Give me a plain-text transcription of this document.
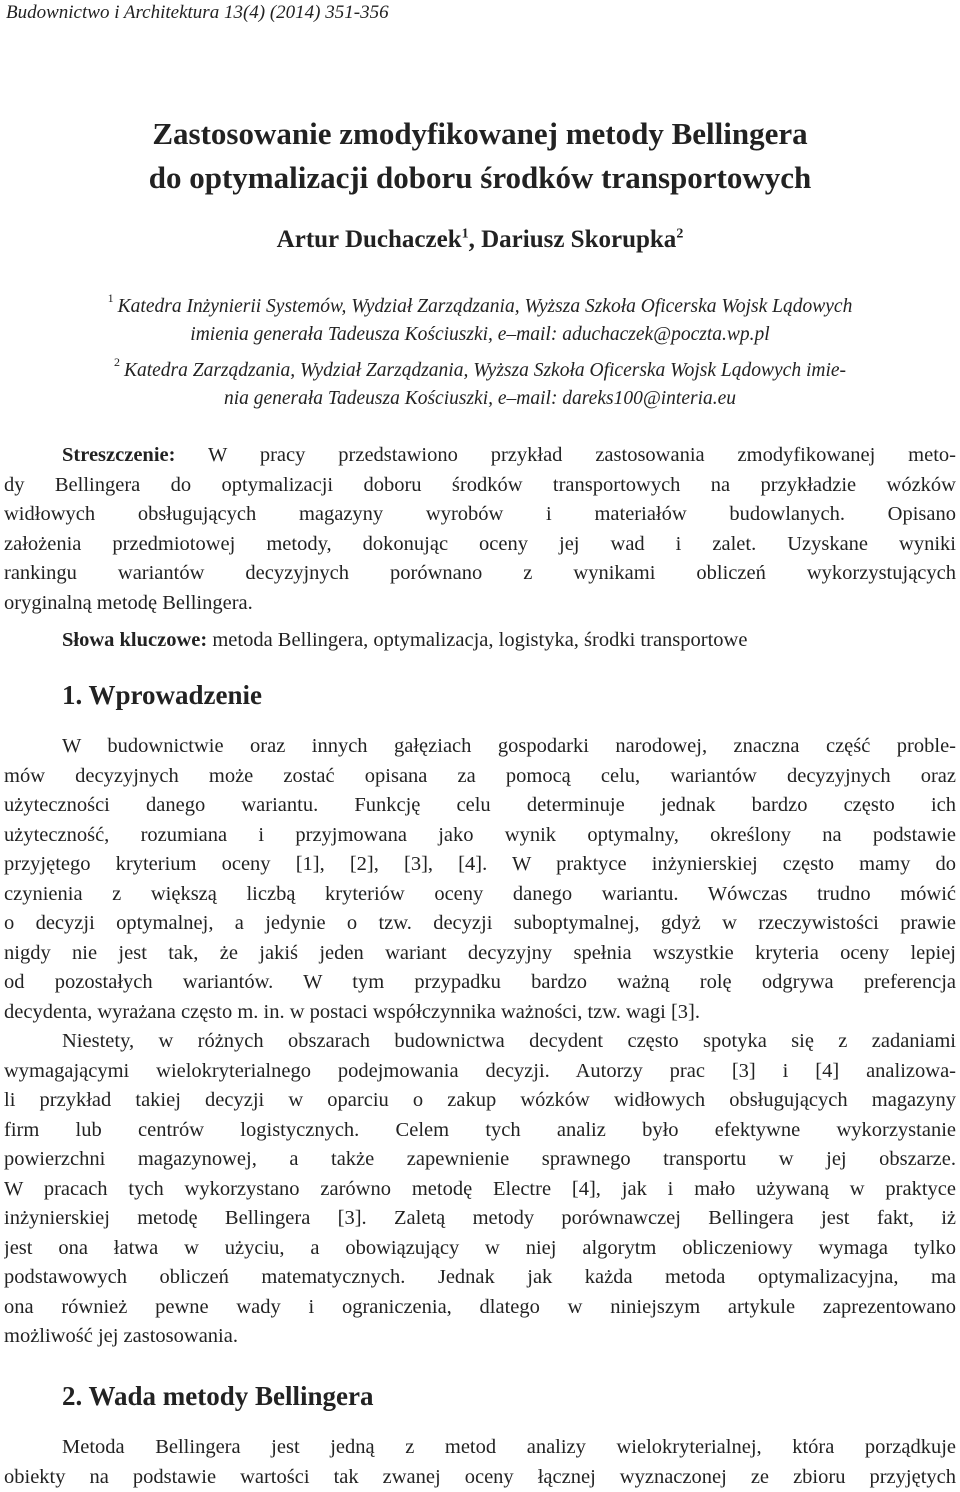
Budownictwo i Architektura 13(4) (2014) 351-356
Zastosowanie zmodyfikowanej metody Bellingera
do optymalizacji doboru środków transportowych
Artur Duchaczek$^1$, Dariusz Skorupka$^2$
$^1$ Katedra Inżynierii Systemów, Wydział Zarządzania, Wyższa Szkoła Oficerska Wojsk Lądowych
imienia generała Tadeusza Kościuszki, e–mail: aduchaczek@poczta.wp.pl
$^2$ Katedra Zarządzania, Wydział Zarządzania, Wyższa Szkoła Oficerska Wojsk Lądowych imie-
nia generała Tadeusza Kościuszki, e–mail: dareks100@interia.eu
Streszczenie: W pracy przedstawiono przykład zastosowania zmodyfikowanej meto-
dy Bellingera do optymalizacji doboru środków transportowych na przykładzie wózków
widłowych obsługujących magazyny wyrobów i materiałów budowlanych. Opisano
założenia przedmiotowej metody, dokonując oceny jej wad i zalet. Uzyskane wyniki
rankingu wariantów decyzyjnych porównano z wynikami obliczeń wykorzystujących
oryginalną metodę Bellingera.
Słowa kluczowe: metoda Bellingera, optymalizacja, logistyka, środki transportowe
1. Wprowadzenie
W budownictwie oraz innych gałęziach gospodarki narodowej, znaczna część proble-
mów decyzyjnych może zostać opisana za pomocą celu, wariantów decyzyjnych oraz
użyteczności danego wariantu. Funkcję celu determinuje jednak bardzo często ich
użyteczność, rozumiana i przyjmowana jako wynik optymalny, określony na podstawie
przyjętego kryterium oceny [1], [2], [3], [4]. W praktyce inżynierskiej często mamy do
czynienia z większą liczbą kryteriów oceny danego wariantu. Wówczas trudno mówić
o decyzji optymalnej, a jedynie o tzw. decyzji suboptymalnej, gdyż w rzeczywistości prawie
nigdy nie jest tak, że jakiś jeden wariant decyzyjny spełnia wszystkie kryteria oceny lepiej
od pozostałych wariantów. W tym przypadku bardzo ważną rolę odgrywa preferencja
decydenta, wyrażana często m. in. w postaci współczynnika ważności, tzw. wagi [3].
Niestety, w różnych obszarach budownictwa decydent często spotyka się z zadaniami
wymagającymi wielokryterialnego podejmowania decyzji. Autorzy prac [3] i [4] analizowa-
li przykład takiej decyzji w oparciu o zakup wózków widłowych obsługujących magazyny
firm lub centrów logistycznych. Celem tych analiz było efektywne wykorzystanie
powierzchni magazynowej, a także zapewnienie sprawnego transportu w jej obszarze.
W pracach tych wykorzystano zarówno metodę Electre [4], jak i mało używaną w praktyce
inżynierskiej metodę Bellingera [3]. Zaletą metody porównawczej Bellingera jest fakt, iż
jest ona łatwa w użyciu, a obowiązujący w niej algorytm obliczeniowy wymaga tylko
podstawowych obliczeń matematycznych. Jednak jak każda metoda optymalizacyjna, ma
ona również pewne wady i ograniczenia, dlatego w niniejszym artykule zaprezentowano
możliwość jej zastosowania.
2. Wada metody Bellingera
Metoda Bellingera jest jedną z metod analizy wielokryterialnej, która porządkuje
obiekty na podstawie wartości tak zwanej oceny łącznej wyznaczonej ze zbioru przyjętych
